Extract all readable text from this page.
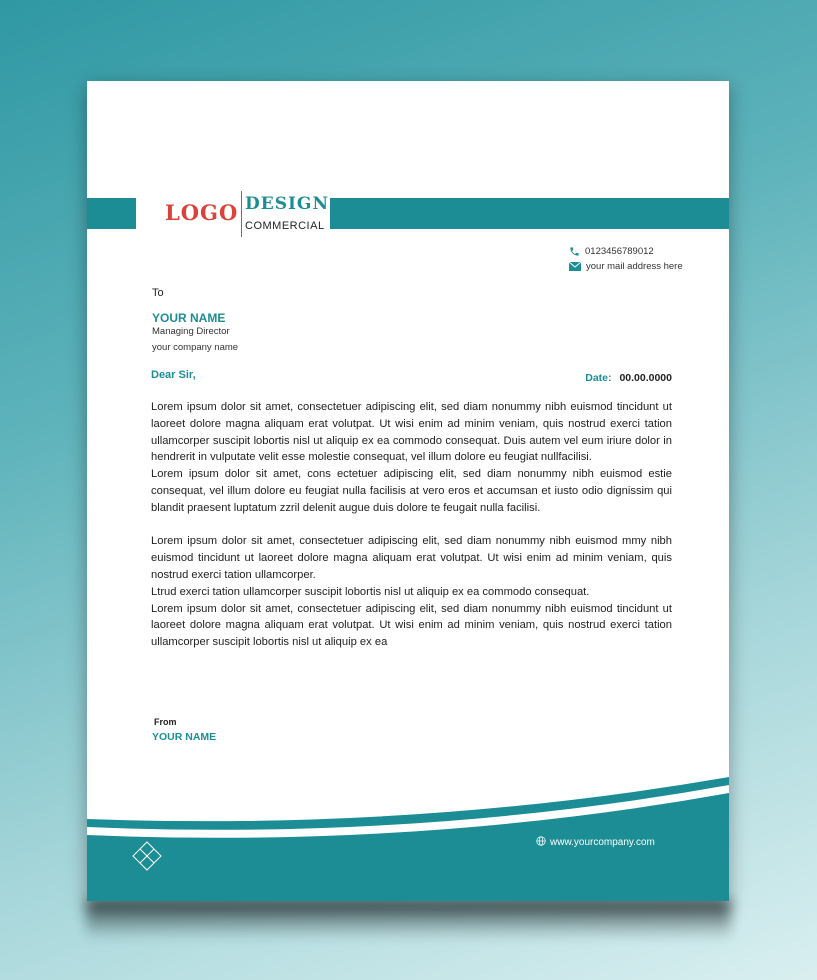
LOGO DESIGN
COMMERCIAL
0123456789012
your mail address here
To
YOUR NAME
Managing Director
your company name
Dear Sir,	Date: 00.00.0000

Lorem ipsum dolor sit amet, consectetuer adipiscing elit, sed diam nonummy nibh euismod tincidunt ut laoreet dolore magna aliquam erat volutpat. Ut wisi enim ad minim veniam, quis nostrud exerci tation ullamcorper suscipit lobortis nisl ut aliquip ex ea commodo consequat. Duis autem vel eum iriure dolor in hendrerit in vulputate velit esse molestie consequat, vel illum dolore eu feugiat nullfacilisi.

Lorem ipsum dolor sit amet, cons ectetuer adipiscing elit, sed diam nonummy nibh euismod estie consequat, vel illum dolore eu feugiat nulla facilisis at vero eros et accumsan et iusto odio dignissim qui blandit praesent luptatum zzril delenit augue duis dolore te feugait nulla facilisi.

Lorem ipsum dolor sit amet, consectetuer adipiscing elit, sed diam nonummy nibh euismod mmy nibh euismod tincidunt ut laoreet dolore magna aliquam erat volutpat. Ut wisi enim ad minim veniam, quis nostrud exerci tation ullamcorper.

Ltrud exerci tation ullamcorper suscipit lobortis nisl ut aliquip ex ea commodo consequat.

Lorem ipsum dolor sit amet, consectetuer adipiscing elit, sed diam nonummy nibh euismod tincidunt ut laoreet dolore magna aliquam erat volutpat. Ut wisi enim ad minim veniam, quis nostrud exerci tation ullamcorper suscipit lobortis nisl ut aliquip ex ea

From
YOUR NAME
www.yourcompany.com
